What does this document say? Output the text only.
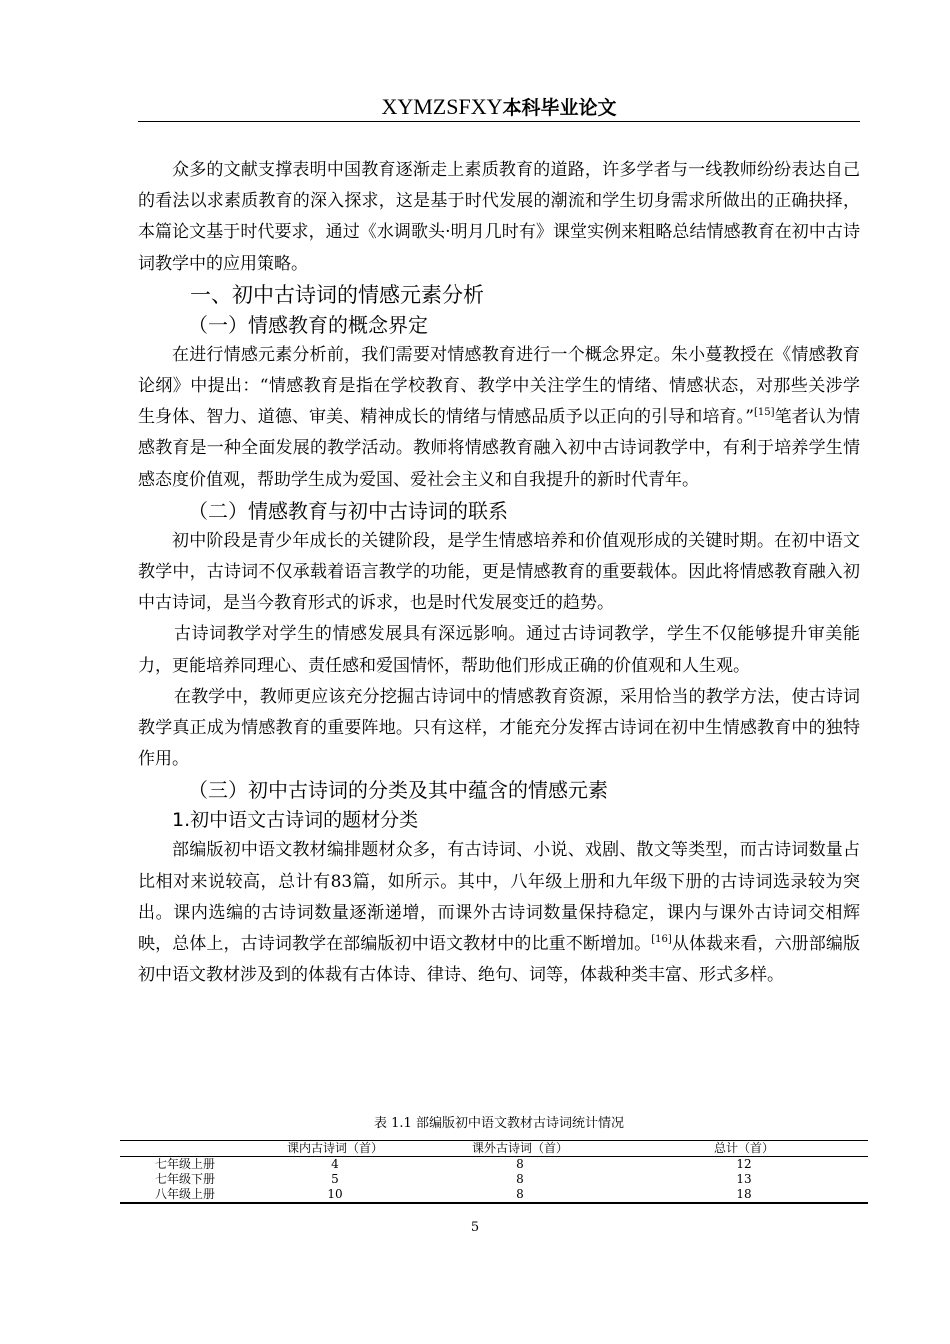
XYMZSFXY本科毕业论文

众多的文献支撑表明中国教育逐渐走上素质教育的道路，许多学者与一线教师纷纷表达自己的看法以求素质教育的深入探求，这是基于时代发展的潮流和学生切身需求所做出的正确抉择，本篇论文基于时代要求，通过《水调歌头·明月几时有》课堂实例来粗略总结情感教育在初中古诗词教学中的应用策略。

一、初中古诗词的情感元素分析
（一）情感教育的概念界定

在进行情感元素分析前，我们需要对情感教育进行一个概念界定。朱小蔓教授在《情感教育论纲》中提出：“情感教育是指在学校教育、教学中关注学生的情绪、情感状态，对那些关涉学生身体、智力、道德、审美、精神成长的情绪与情感品质予以正向的引导和培育。”[15]笔者认为情感教育是一种全面发展的教学活动。教师将情感教育融入初中古诗词教学中，有利于培养学生情感态度价值观，帮助学生成为爱国、爱社会主义和自我提升的新时代青年。

（二）情感教育与初中古诗词的联系

初中阶段是青少年成长的关键阶段，是学生情感培养和价值观形成的关键时期。在初中语文教学中，古诗词不仅承载着语言教学的功能，更是情感教育的重要载体。因此将情感教育融入初中古诗词，是当今教育形式的诉求，也是时代发展变迁的趋势。

古诗词教学对学生的情感发展具有深远影响。通过古诗词教学，学生不仅能够提升审美能力，更能培养同理心、责任感和爱国情怀，帮助他们形成正确的价值观和人生观。

在教学中，教师更应该充分挖掘古诗词中的情感教育资源，采用恰当的教学方法，使古诗词教学真正成为情感教育的重要阵地。只有这样，才能充分发挥古诗词在初中生情感教育中的独特作用。

（三）初中古诗词的分类及其中蕴含的情感元素
1.初中语文古诗词的题材分类

部编版初中语文教材编排题材众多，有古诗词、小说、戏剧、散文等类型，而古诗词数量占比相对来说较高，总计有83篇，如所示。其中，八年级上册和九年级下册的古诗词选录较为突出。课内选编的古诗词数量逐渐递增，而课外古诗词数量保持稳定，课内与课外古诗词交相辉映，总体上，古诗词教学在部编版初中语文教材中的比重不断增加。[16]从体裁来看，六册部编版初中语文教材涉及到的体裁有古体诗、律诗、绝句、词等，体裁种类丰富、形式多样。

表 1.1 部编版初中语文教材古诗词统计情况
	课内古诗词（首）	课外古诗词（首）	总计（首）
七年级上册	4	8	12
七年级下册	5	8	13
八年级上册	10	8	18
5
